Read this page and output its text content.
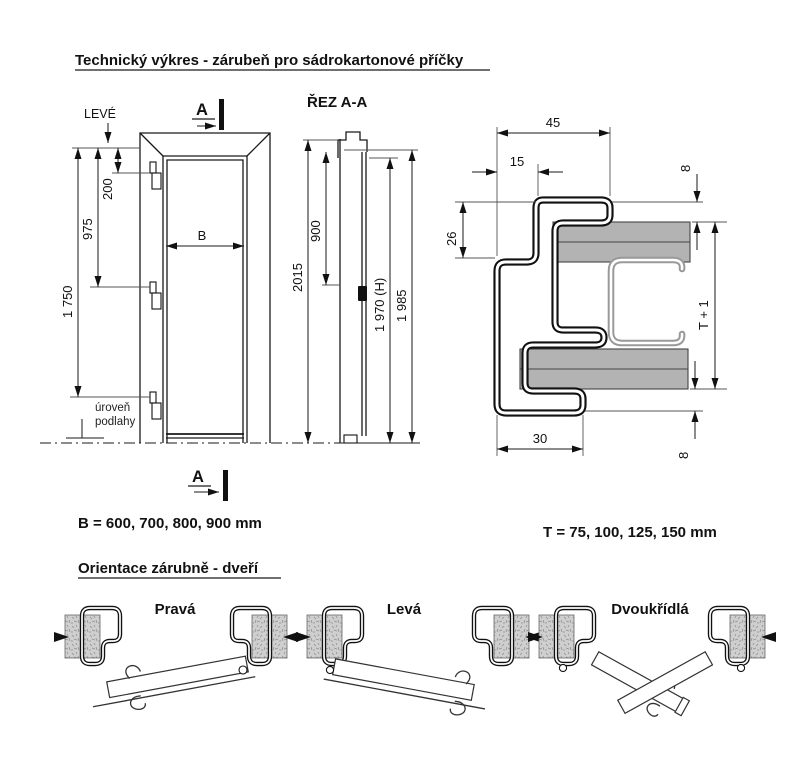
Technický výkres - zárubeň pro sádrokartonové příčky
LEVÉ	A
A
1 750
975
200
B
úroveň
podlahy
ŘEZ A-A
2015
900
1 970 (H) 1 985
45
15
26
8
T + 1
8
30
B = 600, 700, 800, 900 mm
T = 75, 100, 125, 150 mm
Orientace zárubně - dveří
Pravá	Levá	Dvoukřídlá
